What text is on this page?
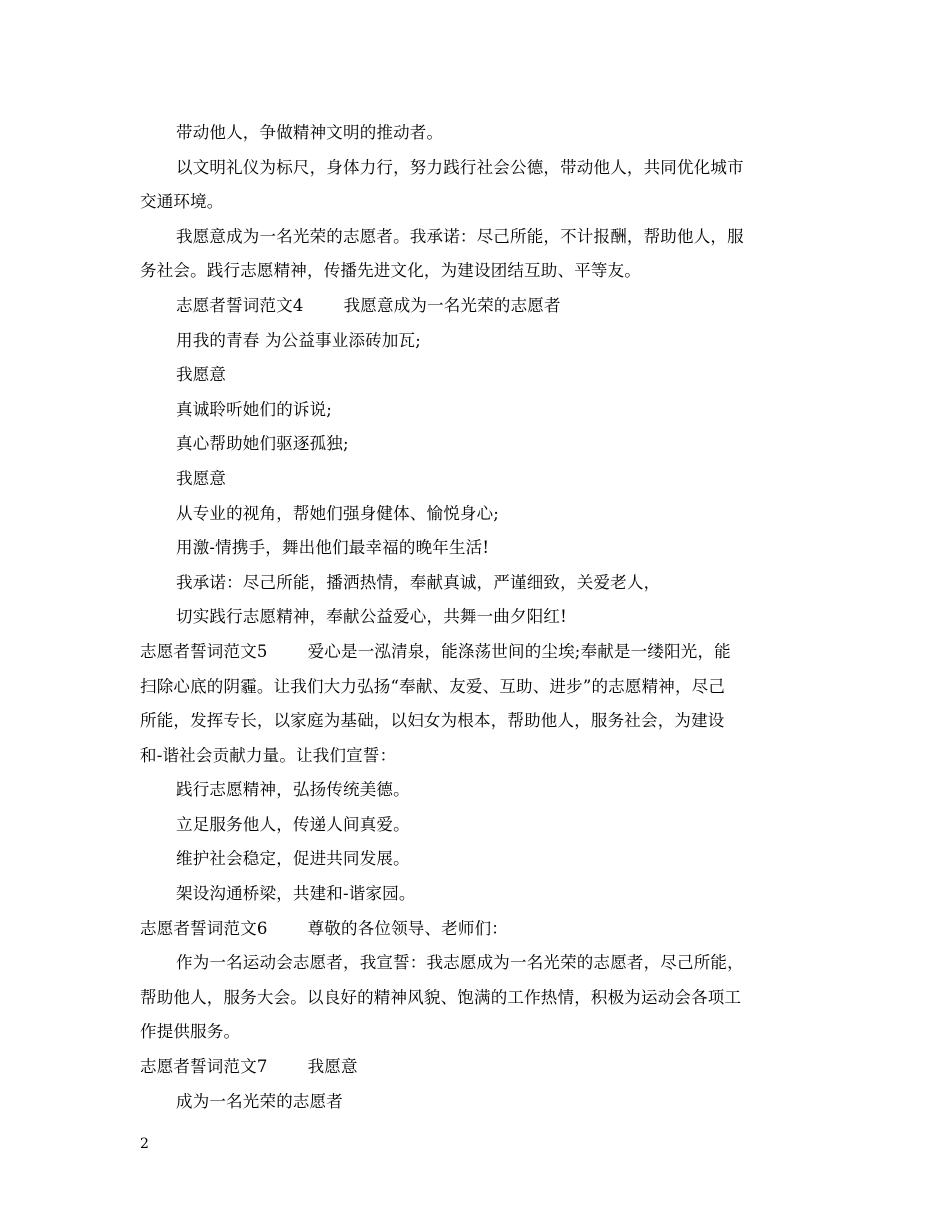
带动他人，争做精神文明的推动者。
以文明礼仪为标尺，身体力行，努力践行社会公德，带动他人，共同优化城市
交通环境。
我愿意成为一名光荣的志愿者。我承诺：尽己所能，不计报酬，帮助他人，服
务社会。践行志愿精神，传播先进文化，为建设团结互助、平等友。
志愿者誓词范文4 我愿意成为一名光荣的志愿者
用我的青春 为公益事业添砖加瓦;
我愿意
真诚聆听她们的诉说;
真心帮助她们驱逐孤独;
我愿意
从专业的视角，帮她们强身健体、愉悦身心;
用激-情携手，舞出他们最幸福的晚年生活!
我承诺：尽己所能，播洒热情，奉献真诚，严谨细致，关爱老人，
切实践行志愿精神，奉献公益爱心，共舞一曲夕阳红!
志愿者誓词范文5 爱心是一泓清泉，能涤荡世间的尘埃;奉献是一缕阳光，能
扫除心底的阴霾。让我们大力弘扬“奉献、友爱、互助、进步”的志愿精神，尽己
所能，发挥专长，以家庭为基础，以妇女为根本，帮助他人，服务社会，为建设
和-谐社会贡献力量。让我们宣誓：
践行志愿精神，弘扬传统美德。
立足服务他人，传递人间真爱。
维护社会稳定，促进共同发展。
架设沟通桥梁，共建和-谐家园。
志愿者誓词范文6 尊敬的各位领导、老师们：
作为一名运动会志愿者，我宣誓：我志愿成为一名光荣的志愿者，尽己所能，
帮助他人，服务大会。以良好的精神风貌、饱满的工作热情，积极为运动会各项工
作提供服务。
志愿者誓词范文7 我愿意
成为一名光荣的志愿者
2
